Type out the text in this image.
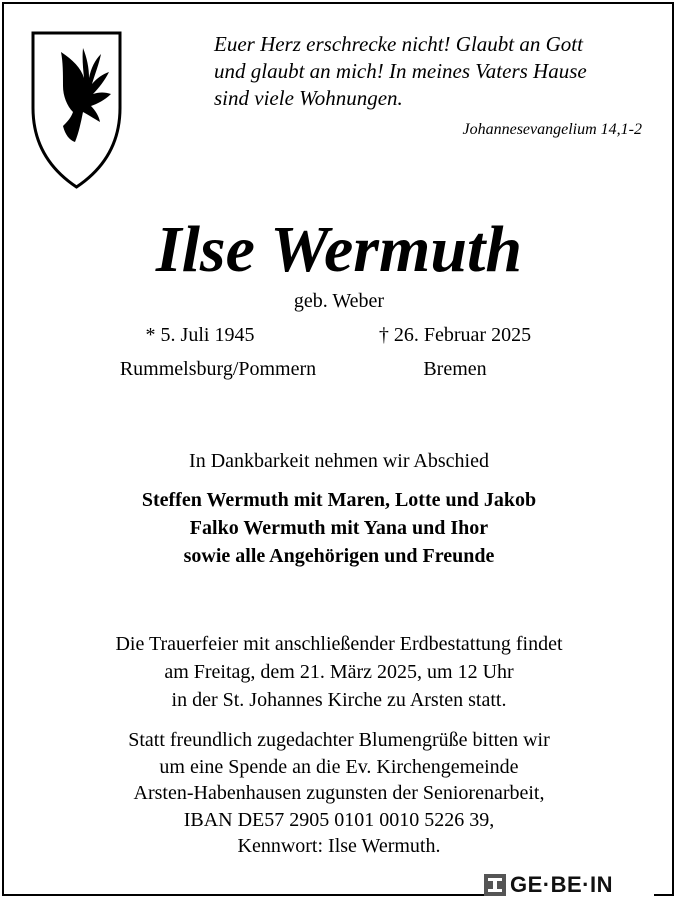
Euer Herz erschrecke nicht! Glaubt an Gott
und glaubt an mich! In meines Vaters Hause
sind viele Wohnungen.
Johannesevangelium 14,1-2
Ilse Wermuth
geb. Weber
* 5. Juli 1945	† 26. Februar 2025
Rummelsburg/Pommern	Bremen
In Dankbarkeit nehmen wir Abschied
Steffen Wermuth mit Maren, Lotte und Jakob
Falko Wermuth mit Yana und Ihor
sowie alle Angehörigen und Freunde
Die Trauerfeier mit anschließender Erdbestattung findet
am Freitag, dem 21. März 2025, um 12 Uhr
in der St. Johannes Kirche zu Arsten statt.
Statt freundlich zugedachter Blumengrüße bitten wir
um eine Spende an die Ev. Kirchengemeinde
Arsten-Habenhausen zugunsten der Seniorenarbeit,
IBAN DE57 2905 0101 0010 5226 39,
Kennwort: Ilse Wermuth.
GE·BE·IN
